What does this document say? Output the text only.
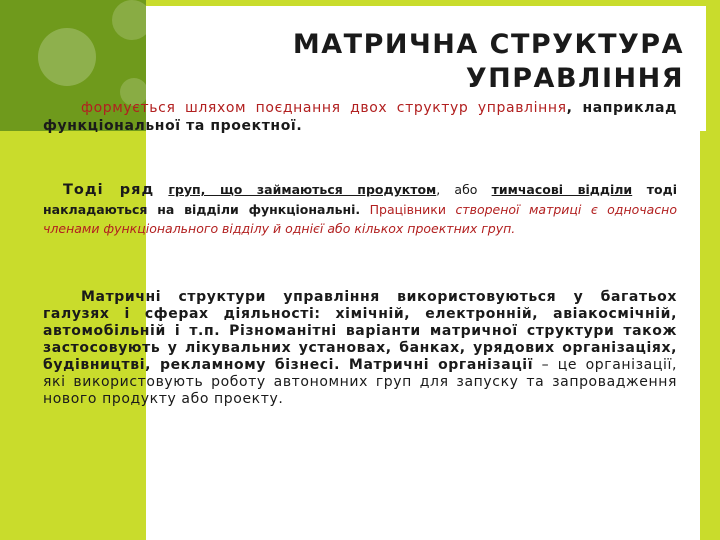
МАТРИЧНА СТРУКТУРА УПРАВЛІННЯ

формується шляхом поєднання двох структур управління, наприклад функціональної та проектної.

Тоді ряд груп, що займаються продуктом, або тимчасові відділи тоді накладаються на відділи функціональні. Працівники створеної матриці є одночасно членами функціонального відділу й однієї або кількох проектних груп.

Матричні структури управління використовуються у багатьох галузях і сферах діяльності: хімічній, електронній, авіакосмічній, автомобільній і т.п. Різноманітні варіанти матричної структури також застосовують у лікувальних установах, банках, урядових організаціях, будівництві, рекламному бізнесі. Матричні організації – це організації, які використовують роботу автономних груп для запуску та запровадження нового продукту або проекту.
